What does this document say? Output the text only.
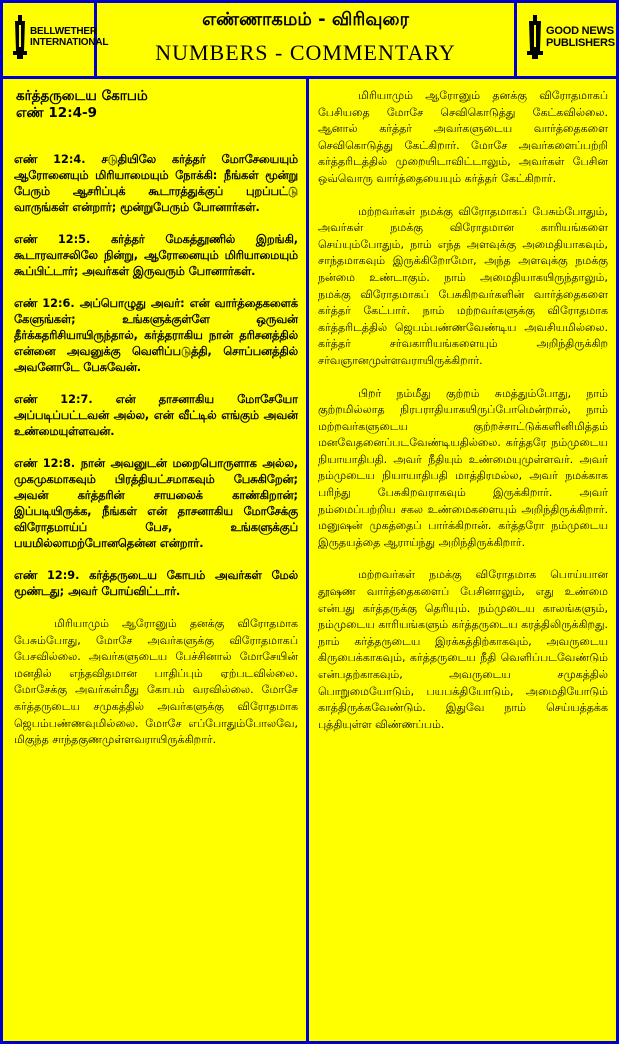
BELLWETHER
INTERNATIONAL
எண்ணாகமம் - விரிவுரை
NUMBERS - COMMENTARY
GOOD NEWS
PUBLISHERS
கர்த்தருடைய கோபம்
எண் 12:4-9

எண் 12:4. சடுதியிலே கர்த்தர் மோசேயையும் ஆரோனையும் மிரியாமையும் நோக்கி: நீங்கள் மூன்று பேரும் ஆசரிப்புக் கூடாரத்துக்குப் புறப்பட்டு வாருங்கள் என்றார்; மூன்றுபேரும் போனார்கள்.

எண் 12:5. கர்த்தர் மேகத்தூணில் இறங்கி, கூடாரவாசலிலே நின்று, ஆரோனையும் மிரியாமையும் கூப்பிட்டார்; அவர்கள் இருவரும் போனார்கள்.

எண் 12:6. அப்பொழுது அவர்: என் வார்த்தைகளைக் கேளுங்கள்; உங்களுக்குள்ளே ஒருவன் தீர்க்கதரிசியாயிருந்தால், கர்த்தராகிய நான் தரிசனத்தில் என்னை அவனுக்கு வெளிப்படுத்தி, சொப்பனத்தில் அவனோடே பேசுவேன்.

எண் 12:7. என் தாசனாகிய மோசேயோ அப்படிப்பட்டவன் அல்ல, என் வீட்டில் எங்கும் அவன் உண்மையுள்ளவன்.

எண் 12:8. நான் அவனுடன் மறைபொருளாக அல்ல, முகமுகமாகவும் பிரத்தியட்சமாகவும் பேசுகிறேன்; அவன் கர்த்தரின் சாயலைக் காண்கிறான்; இப்படியிருக்க, நீங்கள் என் தாசனாகிய மோசேக்கு விரோதமாய்ப் பேச, உங்களுக்குப் பயமில்லாமற்போனதென்ன என்றார்.

எண் 12:9. கர்த்தருடைய கோபம் அவர்கள் மேல் மூண்டது; அவர் போய்விட்டார்.

மிரியாமும் ஆரோனும் தனக்கு விரோதமாக பேசும்போது, மோசே அவர்களுக்கு விரோதமாகப் பேசவில்லை. அவர்களுடைய பேச்சினால் மோசேயின் மனதில் எந்தவிதமான பாதிப்பும் ஏற்படவில்லை. மோசேக்கு அவர்கள்மீது கோபம் வரவில்லை. மோசே கர்த்தருடைய சமுகத்தில் அவர்களுக்கு விரோதமாக ஜெபம்பண்ணவுமில்லை. மோசே எப்போதும்போலவே, மிகுந்த சாந்தகுணமுள்ளவராயிருக்கிறார்.

மிரியாமும் ஆரோனும் தனக்கு விரோதமாகப் பேசியதை மோசே செவிகொடுத்து கேட்கவில்லை. ஆனால் கர்த்தர் அவர்களுடைய வார்த்தைகளை செவிகொடுத்து கேட்கிறார். மோசே அவர்களைப்பற்றி கர்த்தரிடத்தில் முறையிடாவிட்டாலும், அவர்கள் பேசின ஒவ்வொரு வார்த்தையையும் கர்த்தர் கேட்கிறார்.

மற்றவர்கள் நமக்கு விரோதமாகப் பேசும்போதும், அவர்கள் நமக்கு விரோதமான காரியங்களை செய்யும்போதும், நாம் எந்த அளவுக்கு அமைதியாகவும், சாந்தமாகவும் இருக்கிறோமோ, அந்த அளவுக்கு நமக்கு நன்மை உண்டாகும். நாம் அமைதியாகயிருந்தாலும், நமக்கு விரோதமாகப் பேசுகிறவர்களின் வார்த்தைகளை கர்த்தர் கேட்பார். நாம் மற்றவர்களுக்கு விரோதமாக கர்த்தரிடத்தில் ஜெபம்பண்ணவேண்டிய அவசியமில்லை. கர்த்தர் சர்வகாரியங்களையும் அறிந்திருக்கிற சர்வஞானமுள்ளவராயிருக்கிறார்.

பிறர் நம்மீது குற்றம் சுமத்தும்போது, நாம் குற்றமில்லாத நிரபராதியாகயிருப்போமென்றால், நாம் மற்றவர்களுடைய குற்றச்சாட்டுக்களினிமித்தம் மனவேதனைப்படவேண்டியதில்லை. கர்த்தரே நம்முடைய நியாயாதிபதி. அவர் நீதியும் உண்மையுமுள்ளவர். அவர் நம்முடைய நியாயாதிபதி மாத்திரமல்ல, அவர் நமக்காக பரிந்து பேசுகிறவராகவும் இருக்கிறார். அவர் நம்மைப்பற்றிய சகல உண்மைகளையும் அறிந்திருக்கிறார். மனுஷன் முகத்தைப் பார்க்கிறான். கர்த்தரோ நம்முடைய இருதயத்தை ஆராய்ந்து அறிந்திருக்கிறார்.

மற்றவர்கள் நமக்கு விரோதமாக பொய்யான தூஷண வார்த்தைகளைப் பேசினாலும், எது உண்மை என்பது கர்த்தருக்கு தெரியும். நம்முடைய காலங்களும், நம்முடைய காரியங்களும் கர்த்தருடைய கரத்திலிருக்கிறது. நாம் கர்த்தருடைய இரக்கத்திற்காகவும், அவருடைய கிருபைக்காகவும், கர்த்தருடைய நீதி வெளிப்படவேண்டும் என்பதற்காகவும், அவருடைய சமுகத்தில் பொறுமையோடும், பயபக்தியோடும், அமைதியோடும் காத்திருக்கவேண்டும். இதுவே நாம் செய்யத்தக்க புத்தியுள்ள விண்ணப்பம்.
